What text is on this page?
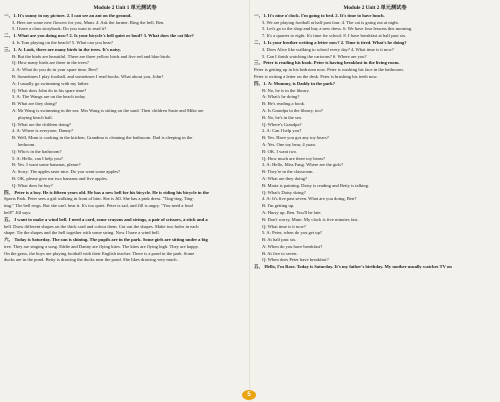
Module 2 Unit 1 单元测试卷
一、1. It's sunny in my picture. 2. I can see an ant on the ground.
3. Here are some new flowers for you, Mum. 4. Ask the farmer. Ring the bell, Ben.
5. I have a class storybook. Do you want to read it?
二、1. What are you doing now? 2. Is your bicycle's bell quiet or loud? 3. What does the cat like?
4. Is Tom playing on the beach? 5. What can you hear?
三、1. A: Look, there are many birds in the trees. It's noisy.
B: But the birds are beautiful. There are three yellow birds and five red and blue birds.
Q: How many birds are there in the trees?
2. A: What do you do in your spare time, Ben?
B: Sometimes I play football, and sometimes I read books. What about you, John?
A: I usually go swimming with my father.
Q: What does John do in his spare time?
3. A: The Wangs are on the beach today.
B: What are they doing?
A: Mr Wang is swimming in the sea. Mrs Wang is sitting on the sand. Their children Susie and Mike are
playing beach ball.
Q: What are the children doing?
4. A: Where is everyone, Danny?
B: Well, Mum is cooking in the kitchen. Grandma is cleaning the bathroom. Dad is sleeping in the
bedroom.
Q: Who's in the bathroom?
5. A: Hello, can I help you?
B: Yes. I want some bananas, please?
A: Sorry. The apples taste nice. Do you want some apples?
B: OK, please give me two bananas and five apples.
Q: What does he buy?
四、 Peter is a boy. He is fifteen years old. He has a new bell for his bicycle. He is riding his bicycle in the
Sports Park. Peter sees a girl walking in front of him. She is Jill. She has a pink dress. "Ting-ting, Ting-
ting." The bell rings. But she can't hear it. It's too quiet. Peter is sad, and Jill is angry. "You need a loud
bell!" Jill says.
五、 I want to make a wind bell. I need a card, some crayons and strings, a pair of scissors, a stick and a
bell. Draw different shapes on the thick card and colour them. Cut out the shapes. Make two holes in each
shape. Tie the shapes and the bell together with some string. Now I have a wind bell.
六、 Today is Saturday. The sun is shining. The pupils are in the park. Some girls are sitting under a big
tree. They are singing a song. Eddie and Danny are flying kites. The kites are flying high. They are happy.
On the grass, the boys are playing football with their English teacher. There is a pond in the park. Some
ducks are in the pond. Betty is drawing the ducks near the pond. She likes drawing very much.
Module 2 Unit 2 单元测试卷
一、1. It's nine o'clock. I'm going to bed. 2. It's time to have lunch.
3. We are playing football at half past four. 4. The cat is going out at night.
5. Let's go to the shop and buy a new dress. 6. We have four lessons this morning.
7. It's a quarter to eight. It's time for school. 8. I have breakfast at half past six.
二、1. Is your brother writing a letter now? 2. Time is tired. What's he doing?
3. Does Alice like walking to school every day? 4. What time is it now?
5. Can I finish watching the cartoons? 6. Where are you?
三、Peter is reading his book. Peter is having breakfast in the living room.
Peter is getting up in his bedroom now. Peter is washing his face in the bathroom.
Peter is writing a letter on the desk. Peter is brushing his teeth now.
四、1. A: Mummy, is Daddy in the park?
B: No, he is in the library.
A: What's he doing?
B: He's reading a book.
A: Is Grandpa in the library, too?
B: No, he's in the sea.
Q: Where's Grandpa?
2. A: Can I help you?
B: Yes. Have you got any toy bears?
A: Yes. One toy bear, 4 yuan.
B: OK. I want two.
Q: How much are three toy bears?
3. A: Hello, Miss Fang. Where are the girls?
B: They're in the classroom.
A: What are they doing?
B: Maria is painting. Daisy is reading and Betty is talking.
Q: What's Daisy doing?
4. A: It's five past seven. What are you doing, Ben?
B: I'm getting up.
A: Hurry up, Ben. You'll be late.
B: Don't worry, Mum. My clock is five minutes fast.
Q: What time is it now?
5. A: Peter, when do you get up?
B: At half past six.
A: When do you have breakfast?
B: At five to seven.
Q: When does Peter have breakfast?
五、 Hello, I'm Rose. Today is Saturday. It's my father's birthday. My mother usually watches TV on
5
